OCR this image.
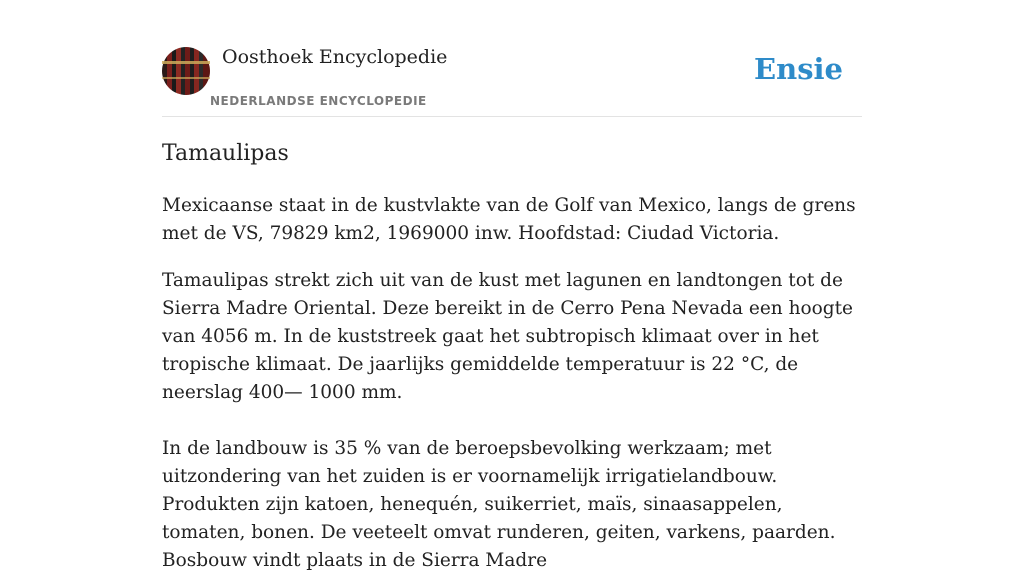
Oosthoek Encyclopedie
NEDERLANDSE ENCYCLOPEDIE
Ensie
Tamaulipas

Mexicaanse staat in de kustvlakte van de Golf van Mexico, langs de grens met de VS, 79829 km2, 1969000 inw. Hoofdstad: Ciudad Victoria.

Tamaulipas strekt zich uit van de kust met lagunen en landtongen tot de Sierra Madre Oriental. Deze bereikt in de Cerro Pena Nevada een hoogte van 4056 m. In de kuststreek gaat het subtropisch klimaat over in het tropische klimaat. De jaarlijks gemiddelde temperatuur is 22 °C, de neerslag 400— 1000 mm.

In de landbouw is 35 % van de beroepsbevolking werkzaam; met uitzondering van het zuiden is er voornamelijk irrigatielandbouw. Produkten zijn katoen, henequén, suikerriet, maïs, sinaasappelen, tomaten, bonen. De veeteelt omvat runderen, geiten, varkens, paarden. Bosbouw vindt plaats in de Sierra Madre
